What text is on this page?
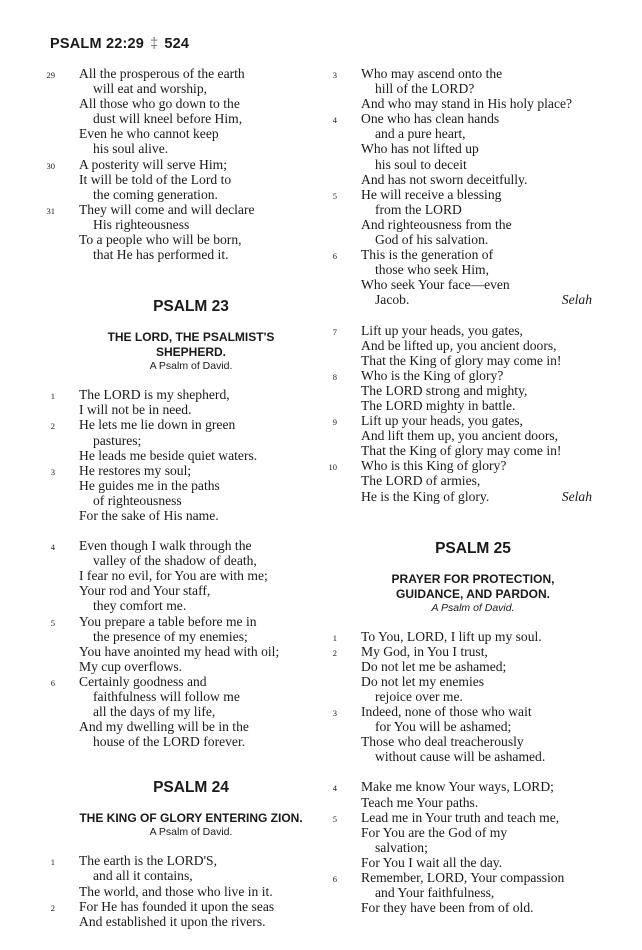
PSALM 22:29 ‡ 524
29	All the prosperous of the earth
will eat and worship,
All those who go down to the
dust will kneel before Him,
Even he who cannot keep
his soul alive.
30	A posterity will serve Him;
It will be told of the Lord to
the coming generation.
31	They will come and will declare
His righteousness
To a people who will be born,
that He has performed it.
PSALM 23
THE LORD, THE PSALMIST'S SHEPHERD.
A Psalm of David.
1	The LORD is my shepherd,
I will not be in need.
2	He lets me lie down in green
pastures;
He leads me beside quiet waters.
3	He restores my soul;
He guides me in the paths
of righteousness
For the sake of His name.
4	Even though I walk through the
valley of the shadow of death,
I fear no evil, for You are with me;
Your rod and Your staff,
they comfort me.
5	You prepare a table before me in
the presence of my enemies;
You have anointed my head with oil;
My cup overflows.
6	Certainly goodness and
faithfulness will follow me
all the days of my life,
And my dwelling will be in the
house of the LORD forever.
PSALM 24
THE KING OF GLORY ENTERING ZION.
A Psalm of David.
1	The earth is the LORD'S,
and all it contains,
The world, and those who live in it.
2	For He has founded it upon the seas
And established it upon the rivers.
3	Who may ascend onto the
hill of the LORD?
And who may stand in His holy place?
4	One who has clean hands
and a pure heart,
Who has not lifted up
his soul to deceit
And has not sworn deceitfully.
5	He will receive a blessing
from the LORD
And righteousness from the
God of his salvation.
6	This is the generation of
those who seek Him,
Who seek Your face—even
Jacob.	Selah
7	Lift up your heads, you gates,
And be lifted up, you ancient doors,
That the King of glory may come in!
8	Who is the King of glory?
The LORD strong and mighty,
The LORD mighty in battle.
9	Lift up your heads, you gates,
And lift them up, you ancient doors,
That the King of glory may come in!
10	Who is this King of glory?
The LORD of armies,
He is the King of glory.	Selah
PSALM 25
PRAYER FOR PROTECTION,
GUIDANCE, AND PARDON.
A Psalm of David.
1	To You, LORD, I lift up my soul.
2	My God, in You I trust,
Do not let me be ashamed;
Do not let my enemies
rejoice over me.
3	Indeed, none of those who wait
for You will be ashamed;
Those who deal treacherously
without cause will be ashamed.
4	Make me know Your ways, LORD;
Teach me Your paths.
5	Lead me in Your truth and teach me,
For You are the God of my
salvation;
For You I wait all the day.
6	Remember, LORD, Your compassion
and Your faithfulness,
For they have been from of old.
